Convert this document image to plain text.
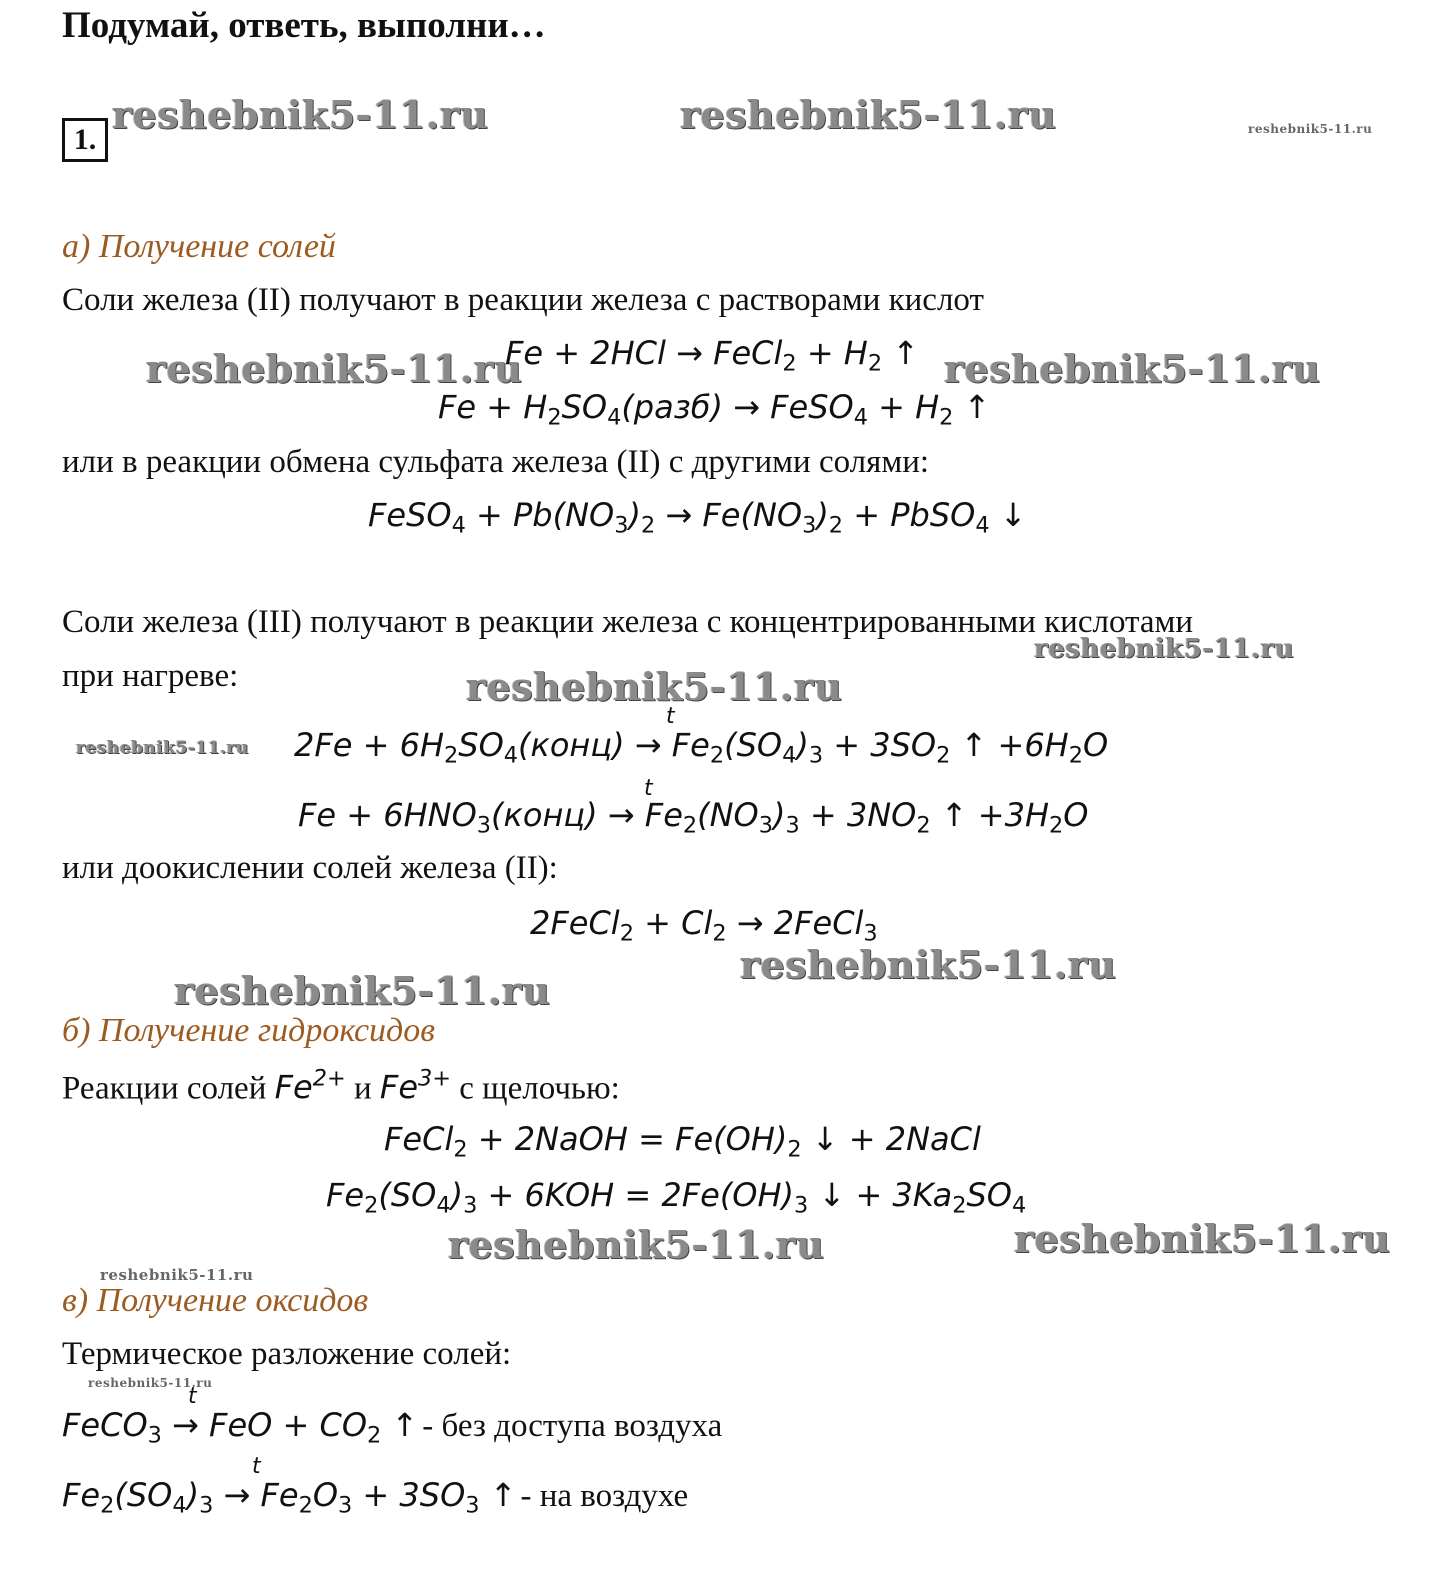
Подумай, ответь, выполни…
1.
reshebnik5-11.ru	reshebnik5-11.ru	reshebnik5-11.ru
а) Получение солей
Соли железа (II) получают в реакции железа с растворами кислот
reshebnik5-11.ru
Fe + 2HCl → FeCl$_2$ + $H_2$ ↑ reshebnik5-11.ru
$Fe + H_2SO_4(разб)$ → FeSO$_4$ + $H_2$ ↑
или в реакции обмена сульфата железа (II) с другими солями:
FeSO$_4$ + $Pb(NO_3)_2 \to Fe(NO_3)_2$ + PbSO$_4$ ↓
Соли железа (III) получают в реакции железа с концентрированными кислотами
reshebnik5-11.ru
при нагреве:	reshebnik5-11.ru
reshebnik5-11.ru
t
$2Fe + 6H_2SO_4(конц) \to Fe_2(SO_4)_3 + 3SO_2$ ↑ $+6H_2O$
t
$Fe + 6HNO_3(конц) \to Fe_2(NO_3)_3 + 3NO_2$ ↑ $+3H_2O$
или доокислении солей железа (II):
2FeCl$_2$ + $Cl_2$ → 2FeCl$_3$
reshebnik5-11.ru
reshebnik5-11.ru
б) Получение гидроксидов
Реакции солей $Fe^{2+}$ и $Fe^{3+}$ с щелочью:
FeCl$_2$ + 2NaOH = $Fe(OH)_2$ ↓ + 2NaCl
$Fe_2(SO_4)_3 + 6KOH = 2Fe(OH)_3$ ↓ + $3Ka_2SO_4$
reshebnik5-11.ru	reshebnik5-11.ru
reshebnik5-11.ru
в) Получение оксидов
Термическое разложение солей:
reshebnik5-11.ru
t
FeCO$_3$ → FeO + $CO_2$ ↑ - без доступа воздуха
t
$Fe_2(SO_4)_3 \to Fe_2O_3 + 3SO_3$ ↑ - на воздухе
